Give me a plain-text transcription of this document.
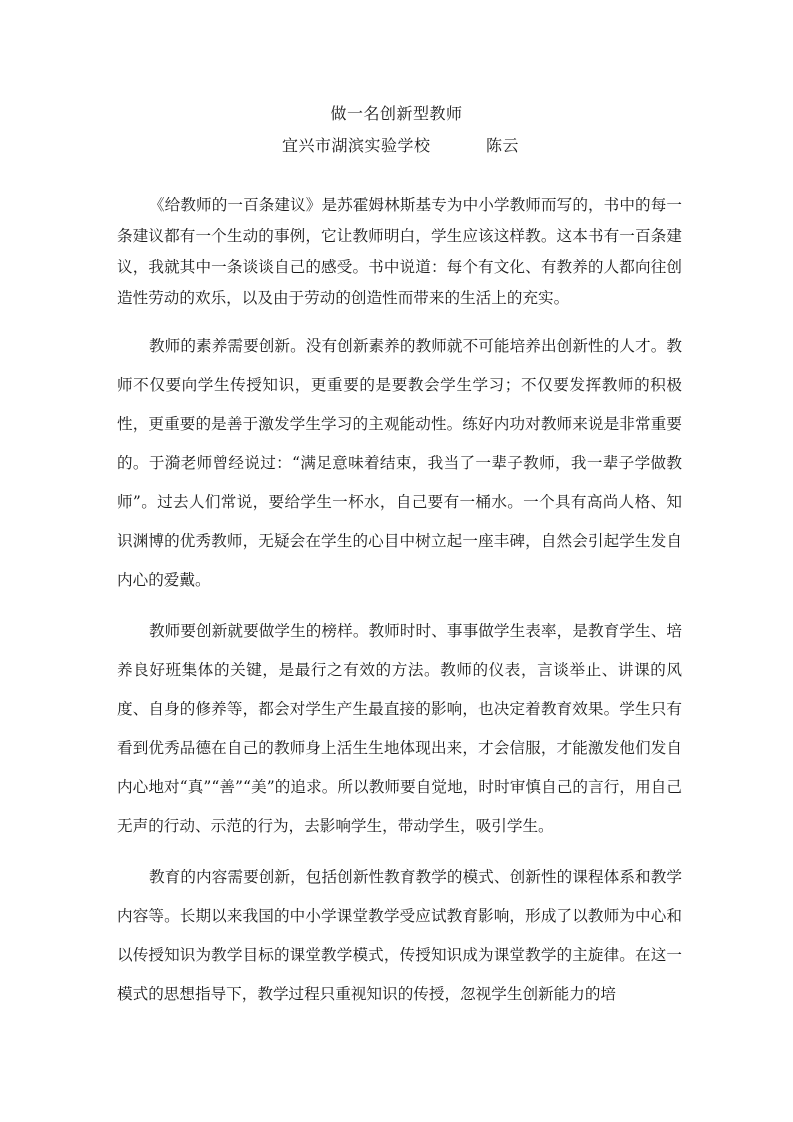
做一名创新型教师
宜兴市湖滨实验学校	陈云

《给教师的一百条建议》是苏霍姆林斯基专为中小学教师而写的，书中的每一条建议都有一个生动的事例，它让教师明白，学生应该这样教。这本书有一百条建议，我就其中一条谈谈自己的感受。书中说道：每个有文化、有教养的人都向往创造性劳动的欢乐，以及由于劳动的创造性而带来的生活上的充实。

教师的素养需要创新。没有创新素养的教师就不可能培养出创新性的人才。教师不仅要向学生传授知识，更重要的是要教会学生学习；不仅要发挥教师的积极性，更重要的是善于激发学生学习的主观能动性。练好内功对教师来说是非常重要的。于漪老师曾经说过：“满足意味着结束，我当了一辈子教师，我一辈子学做教师”。过去人们常说，要给学生一杯水，自己要有一桶水。一个具有高尚人格、知识渊博的优秀教师，无疑会在学生的心目中树立起一座丰碑，自然会引起学生发自内心的爱戴。

教师要创新就要做学生的榜样。教师时时、事事做学生表率，是教育学生、培养良好班集体的关键，是最行之有效的方法。教师的仪表，言谈举止、讲课的风度、自身的修养等，都会对学生产生最直接的影响，也决定着教育效果。学生只有看到优秀品德在自己的教师身上活生生地体现出来，才会信服，才能激发他们发自内心地对“真”“善”“美”的追求。所以教师要自觉地，时时审慎自己的言行，用自己无声的行动、示范的行为，去影响学生，带动学生，吸引学生。

教育的内容需要创新，包括创新性教育教学的模式、创新性的课程体系和教学内容等。长期以来我国的中小学课堂教学受应试教育影响，形成了以教师为中心和以传授知识为教学目标的课堂教学模式，传授知识成为课堂教学的主旋律。在这一模式的思想指导下，教学过程只重视知识的传授，忽视学生创新能力的培
